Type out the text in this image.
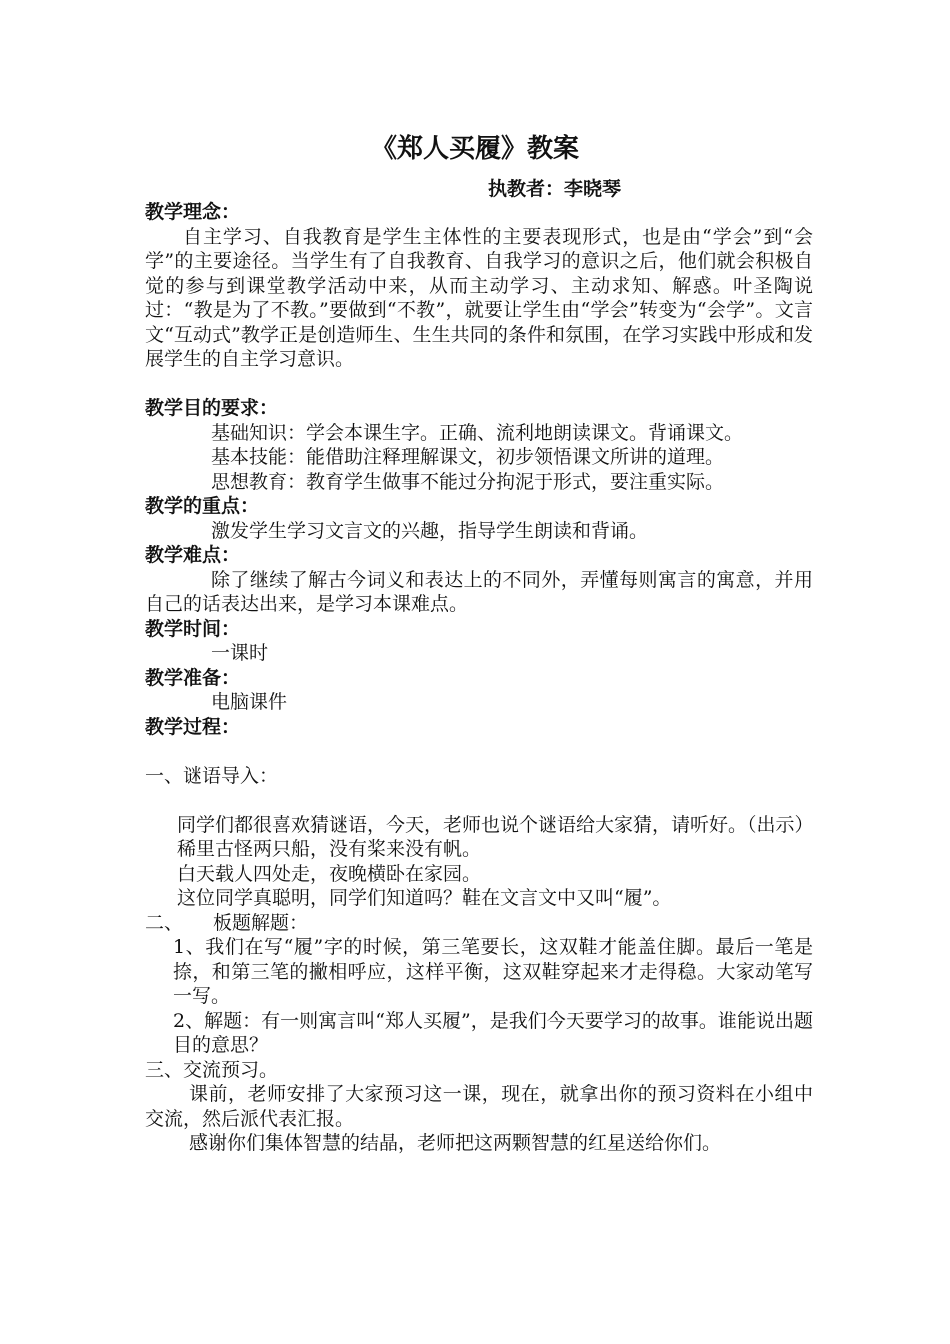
《郑人买履》教案
执教者：李晓琴
教学理念：

自主学习、自我教育是学生主体性的主要表现形式，也是由“学会”到“会学”的主要途径。当学生有了自我教育、自我学习的意识之后，他们就会积极自觉的参与到课堂教学活动中来，从而主动学习、主动求知、解惑。叶圣陶说过：“教是为了不教。”要做到“不教”，就要让学生由“学会”转变为“会学”。文言文“互动式”教学正是创造师生、生生共同的条件和氛围，在学习实践中形成和发展学生的自主学习意识。

教学目的要求：

基础知识：学会本课生字。正确、流利地朗读课文。背诵课文。

基本技能：能借助注释理解课文，初步领悟课文所讲的道理。

思想教育：教育学生做事不能过分拘泥于形式，要注重实际。

教学的重点：

激发学生学习文言文的兴趣，指导学生朗读和背诵。

教学难点：

除了继续了解古今词义和表达上的不同外，弄懂每则寓言的寓意，并用自己的话表达出来，是学习本课难点。

教学时间：

一课时

教学准备：

电脑课件

教学过程：

一、谜语导入：

同学们都很喜欢猜谜语，今天，老师也说个谜语给大家猜，请听好。（出示）

稀里古怪两只船，没有桨来没有帆。

白天载人四处走，夜晚横卧在家园。

这位同学真聪明，同学们知道吗？鞋在文言文中又叫“履”。

二、	板题解题：

1、我们在写“履”字的时候，第三笔要长，这双鞋才能盖住脚。最后一笔是捺，和第三笔的撇相呼应，这样平衡，这双鞋穿起来才走得稳。大家动笔写一写。

2、解题：有一则寓言叫“郑人买履”，是我们今天要学习的故事。谁能说出题目的意思？

三、交流预习。

课前，老师安排了大家预习这一课，现在，就拿出你的预习资料在小组中交流，然后派代表汇报。

感谢你们集体智慧的结晶，老师把这两颗智慧的红星送给你们。
